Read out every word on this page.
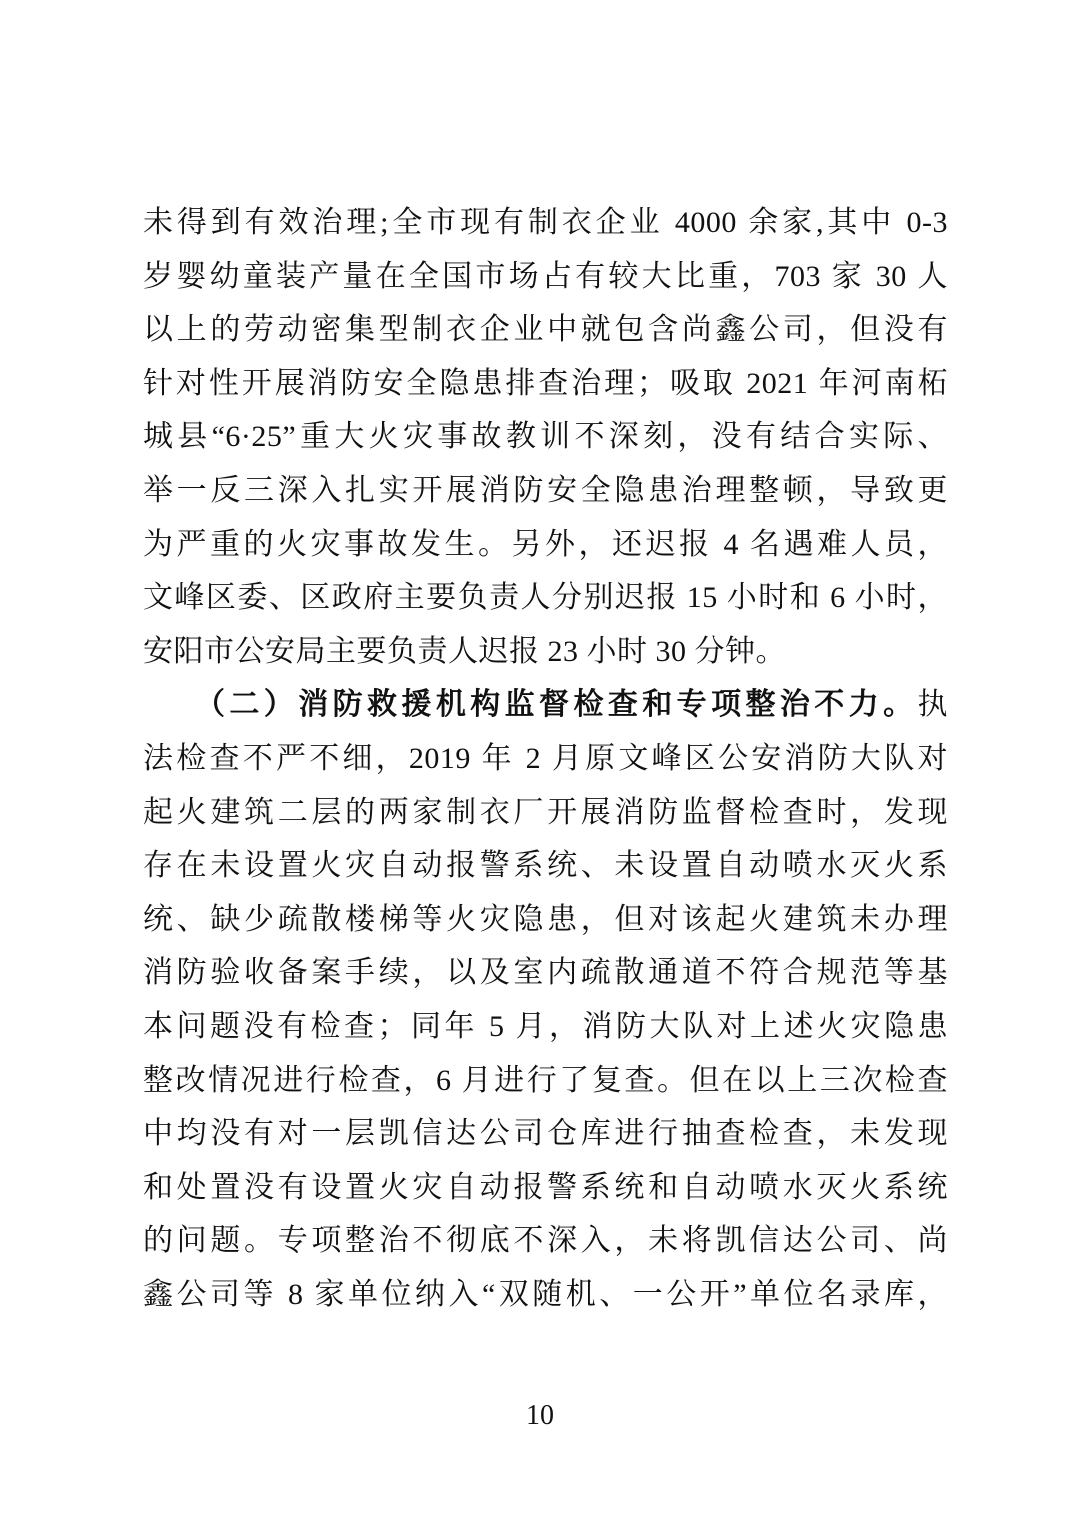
未得到有效治理;全市现有制衣企业 4000 余家,其中 0-3
岁婴幼童装产量在全国市场占有较大比重，703 家 30 人
以上的劳动密集型制衣企业中就包含尚鑫公司，但没有
针对性开展消防安全隐患排查治理；吸取 2021 年河南柘
城县“6·25”重大火灾事故教训不深刻，没有结合实际、
举一反三深入扎实开展消防安全隐患治理整顿，导致更
为严重的火灾事故发生。另外，还迟报 4 名遇难人员，
文峰区委、区政府主要负责人分别迟报 15 小时和 6 小时，
安阳市公安局主要负责人迟报 23 小时 30 分钟。
（二）消防救援机构监督检查和专项整治不力。执
法检查不严不细，2019 年 2 月原文峰区公安消防大队对
起火建筑二层的两家制衣厂开展消防监督检查时，发现
存在未设置火灾自动报警系统、未设置自动喷水灭火系
统、缺少疏散楼梯等火灾隐患，但对该起火建筑未办理
消防验收备案手续，以及室内疏散通道不符合规范等基
本问题没有检查；同年 5 月，消防大队对上述火灾隐患
整改情况进行检查，6 月进行了复查。但在以上三次检查
中均没有对一层凯信达公司仓库进行抽查检查，未发现
和处置没有设置火灾自动报警系统和自动喷水灭火系统
的问题。专项整治不彻底不深入，未将凯信达公司、尚
鑫公司等 8 家单位纳入“双随机、一公开”单位名录库，
10
